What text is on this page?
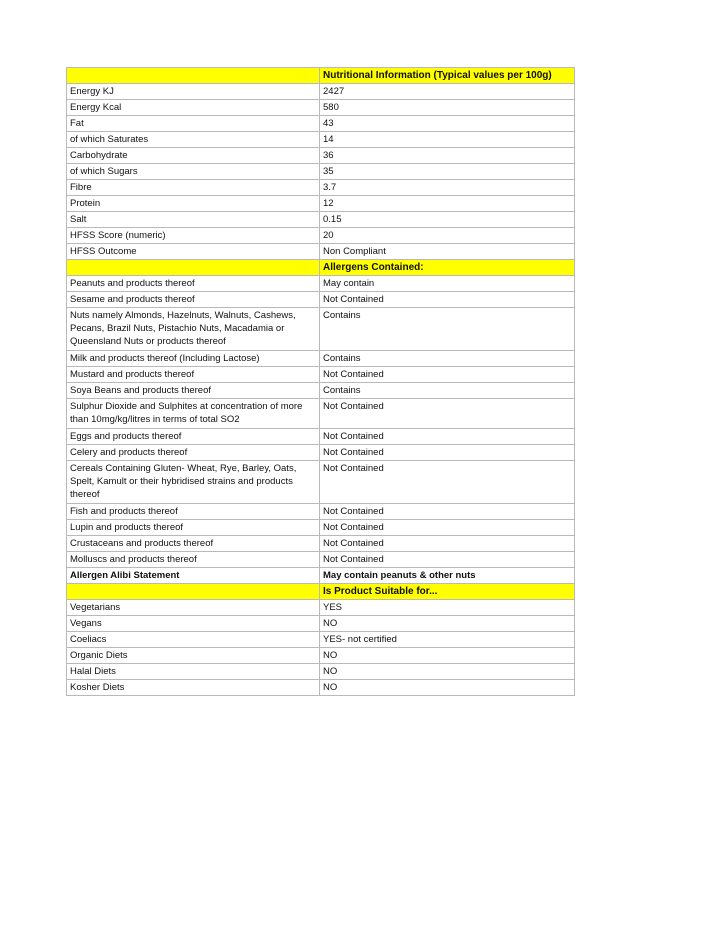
	Nutritional Information (Typical values per 100g)
Energy KJ	2427
Energy Kcal	580
Fat	43
of which Saturates	14
Carbohydrate	36
of which Sugars	35
Fibre	3.7
Protein	12
Salt	0.15
HFSS Score (numeric)	20
HFSS Outcome	Non Compliant
	Allergens Contained:
Peanuts and products thereof	May contain
Sesame and products thereof	Not Contained
Nuts namely Almonds, Hazelnuts, Walnuts, Cashews, Pecans, Brazil Nuts, Pistachio Nuts, Macadamia or Queensland Nuts or products thereof	Contains
Milk and products thereof (Including Lactose)	Contains
Mustard and products thereof	Not Contained
Soya Beans and products thereof	Contains
Sulphur Dioxide and Sulphites at concentration of more than 10mg/kg/litres in terms of total SO2	Not Contained
Eggs and products thereof	Not Contained
Celery and products thereof	Not Contained
Cereals Containing Gluten- Wheat, Rye, Barley, Oats, Spelt, Kamult or their hybridised strains and products thereof	Not Contained
Fish and products thereof	Not Contained
Lupin and products thereof	Not Contained
Crustaceans and products thereof	Not Contained
Molluscs and products thereof	Not Contained
Allergen Alibi Statement	May contain peanuts & other nuts
	Is Product Suitable for...
Vegetarians	YES
Vegans	NO
Coeliacs	YES- not certified
Organic Diets	NO
Halal Diets	NO
Kosher Diets	NO
